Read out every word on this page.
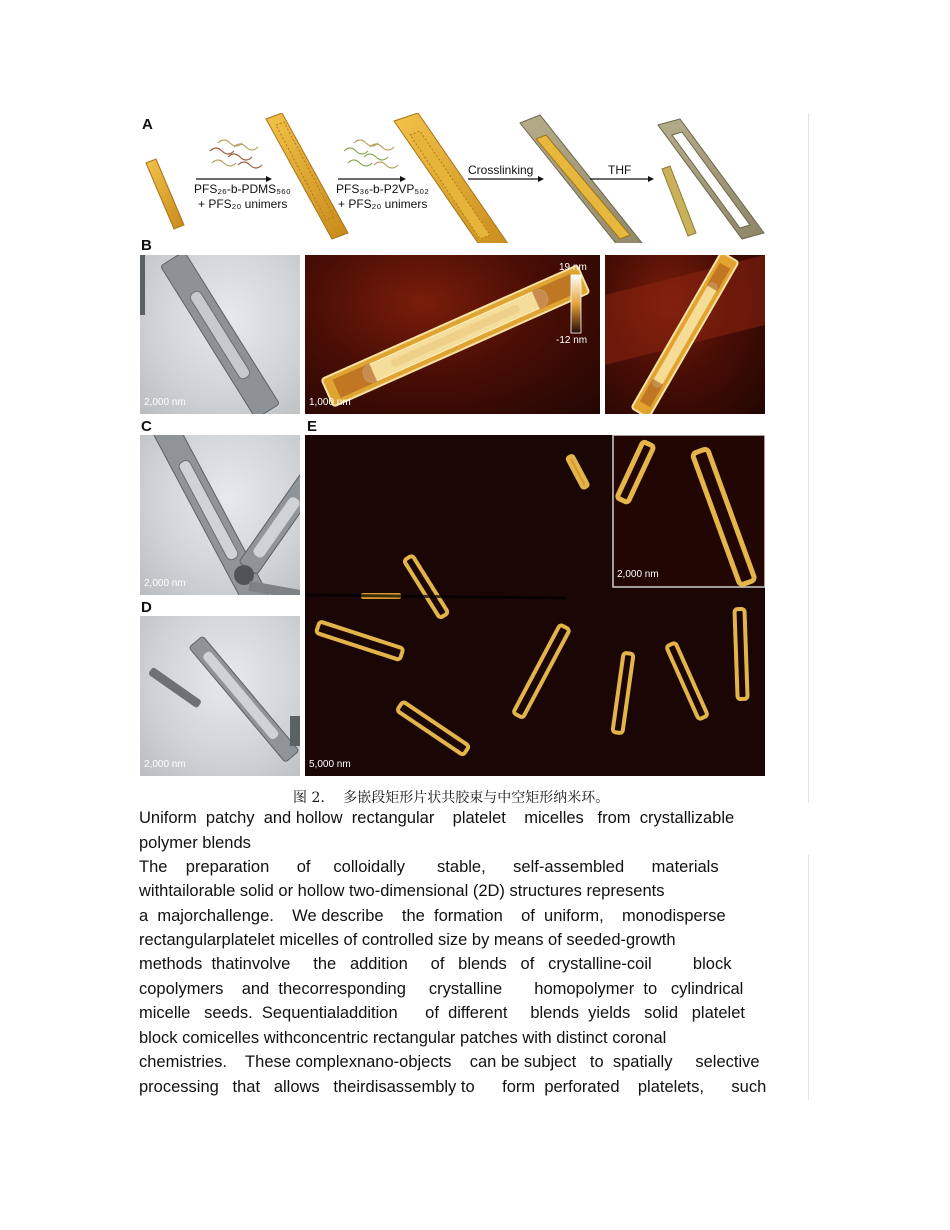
A
PFS₂₆-b-PDMS₅₆₀
+ PFS₂₀ unimers
PFS₃₆-b-P2VP₅₀₂
+ PFS₂₀ unimers
Crosslinking	THF
B
2,000 nm
19 nm
-12 nm
1,000 nm
C
2,000 nm
D
2,000 nm
E
2,000 nm
5,000 nm
图 2.　 多嵌段矩形片状共胶束与中空矩形纳米环。
Uniform  patchy  and hollow  rectangular    platelet    micelles   from  crystallizable
polymer blends
The    preparation      of     colloidally       stable,      self-assembled      materials
withtailorable solid or hollow two-dimensional (2D) structures represents
a  majorchallenge.    We describe    the  formation    of  uniform,    monodisperse
rectangularplatelet micelles of controlled size by means of seeded-growth
methods  thatinvolve     the   addition     of   blends   of   crystalline-coil         block
copolymers    and  thecorresponding     crystalline       homopolymer  to   cylindrical
micelle   seeds.  Sequentialaddition      of  different     blends  yields   solid   platelet
block comicelles withconcentric rectangular patches with distinct coronal
chemistries.    These complexnano-objects    can be subject   to  spatially     selective
processing   that   allows   theirdisassembly to      form  perforated    platelets,      such
